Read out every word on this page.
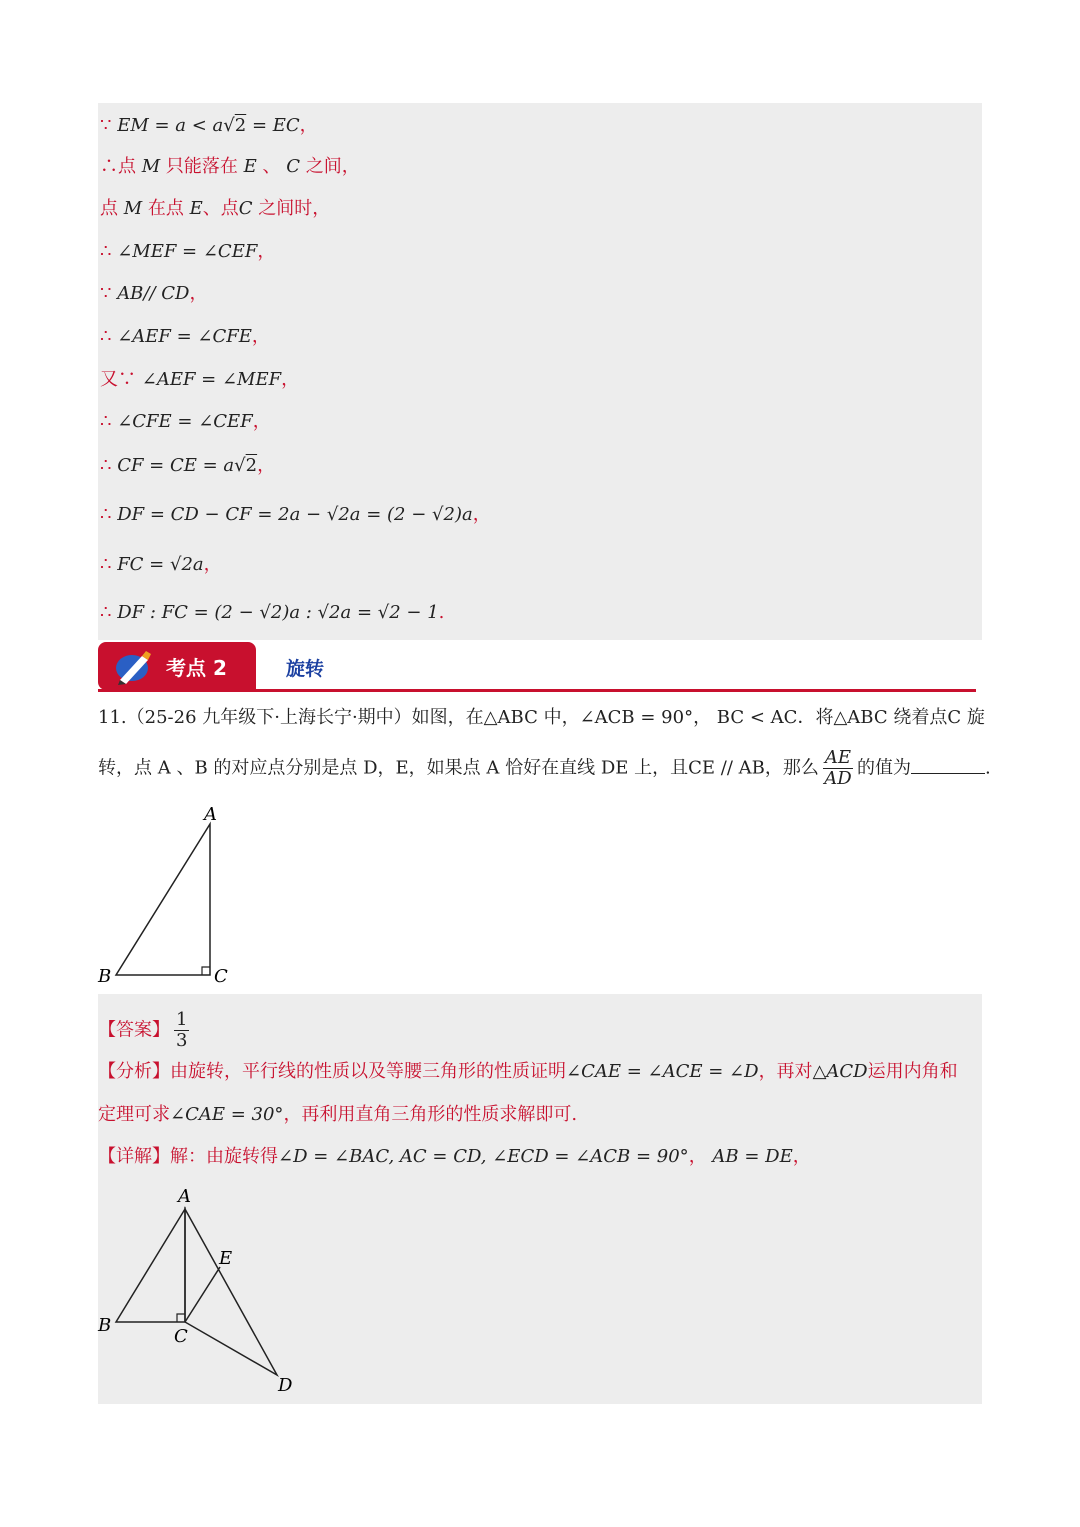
∵ EM = a < a√2 = EC，
∴点 M 只能落在 E 、 C 之间，
点 M 在点 E、点C 之间时，
∴ ∠MEF = ∠CEF，
∵ AB// CD，
∴ ∠AEF = ∠CFE，
又∵ ∠AEF = ∠MEF，
∴ ∠CFE = ∠CEF，
∴ CF = CE = a√2，
∴ DF = CD − CF = 2a − √2a = (2 − √2)a，
∴ FC = √2a，
∴ DF : FC = (2 − √2)a : √2a = √2 − 1.
考点 2	旋转
11.（25-26 九年级下·上海长宁·期中）如图，在△ABC 中，∠ACB = 90°， BC < AC．将△ABC 绕着点C 旋
转，点 A 、B 的对应点分别是点 D，E，如果点 A 恰好在直线 DE 上，且CE // AB，那么 $\frac{AE}{AD}$ 的值为	.
A
B	C
【答案】 $\frac{1}{3}$
【分析】由旋转，平行线的性质以及等腰三角形的性质证明∠CAE = ∠ACE = ∠D，再对△ACD运用内角和
定理可求∠CAE = 30°，再利用直角三角形的性质求解即可.
【详解】解：由旋转得∠D = ∠BAC, AC = CD, ∠ECD = ∠ACB = 90°， AB = DE，
A
B
C
D
E
